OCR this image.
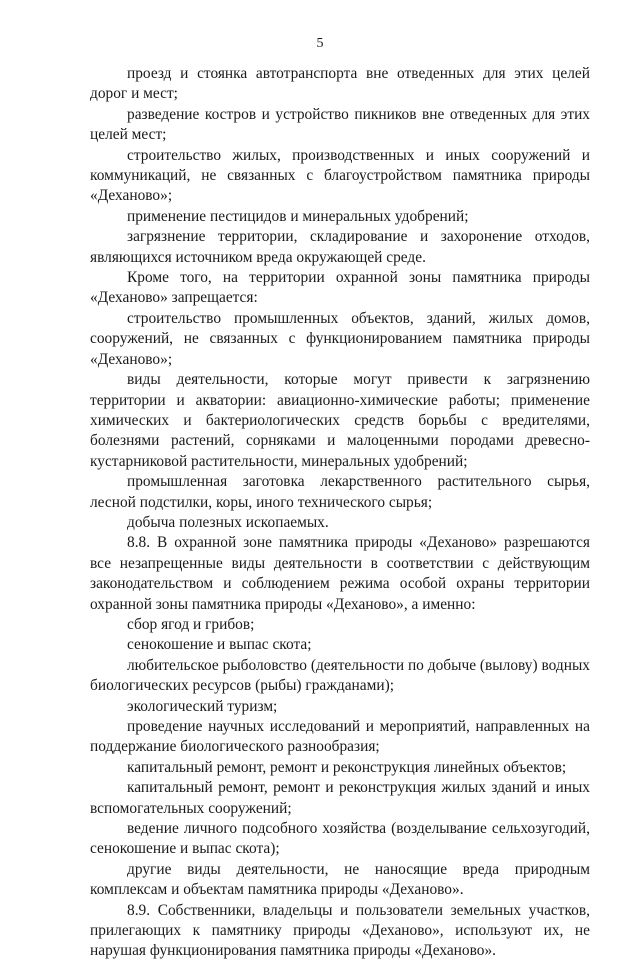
5

проезд и стоянка автотранспорта вне отведенных для этих целей дорог и мест;

разведение костров и устройство пикников вне отведенных для этих целей мест;

строительство жилых, производственных и иных сооружений и коммуникаций, не связанных с благоустройством памятника природы «Деханово»;

применение пестицидов и минеральных удобрений;

загрязнение территории, складирование и захоронение отходов, являющихся источником вреда окружающей среде.

Кроме того, на территории охранной зоны памятника природы «Деханово» запрещается:

строительство промышленных объектов, зданий, жилых домов, сооружений, не связанных с функционированием памятника природы «Деханово»;

виды деятельности, которые могут привести к загрязнению территории и акватории: авиационно-химические работы; применение химических и бактериологических средств борьбы с вредителями, болезнями растений, сорняками и малоценными породами древесно-кустарниковой растительности, минеральных удобрений;

промышленная заготовка лекарственного растительного сырья, лесной подстилки, коры, иного технического сырья;

добыча полезных ископаемых.

8.8. В охранной зоне памятника природы «Деханово» разрешаются все незапрещенные виды деятельности в соответствии с действующим законодательством и соблюдением режима особой охраны территории охранной зоны памятника природы «Деханово», а именно:

сбор ягод и грибов;

сенокошение и выпас скота;

любительское рыболовство (деятельности по добыче (вылову) водных биологических ресурсов (рыбы) гражданами);

экологический туризм;

проведение научных исследований и мероприятий, направленных на поддержание биологического разнообразия;

капитальный ремонт, ремонт и реконструкция линейных объектов;

капитальный ремонт, ремонт и реконструкция жилых зданий и иных вспомогательных сооружений;

ведение личного подсобного хозяйства (возделывание сельхозугодий, сенокошение и выпас скота);

другие виды деятельности, не наносящие вреда природным комплексам и объектам памятника природы «Деханово».

8.9. Собственники, владельцы и пользователи земельных участков, прилегающих к памятнику природы «Деханово», используют их, не нарушая функционирования памятника природы «Деханово».
